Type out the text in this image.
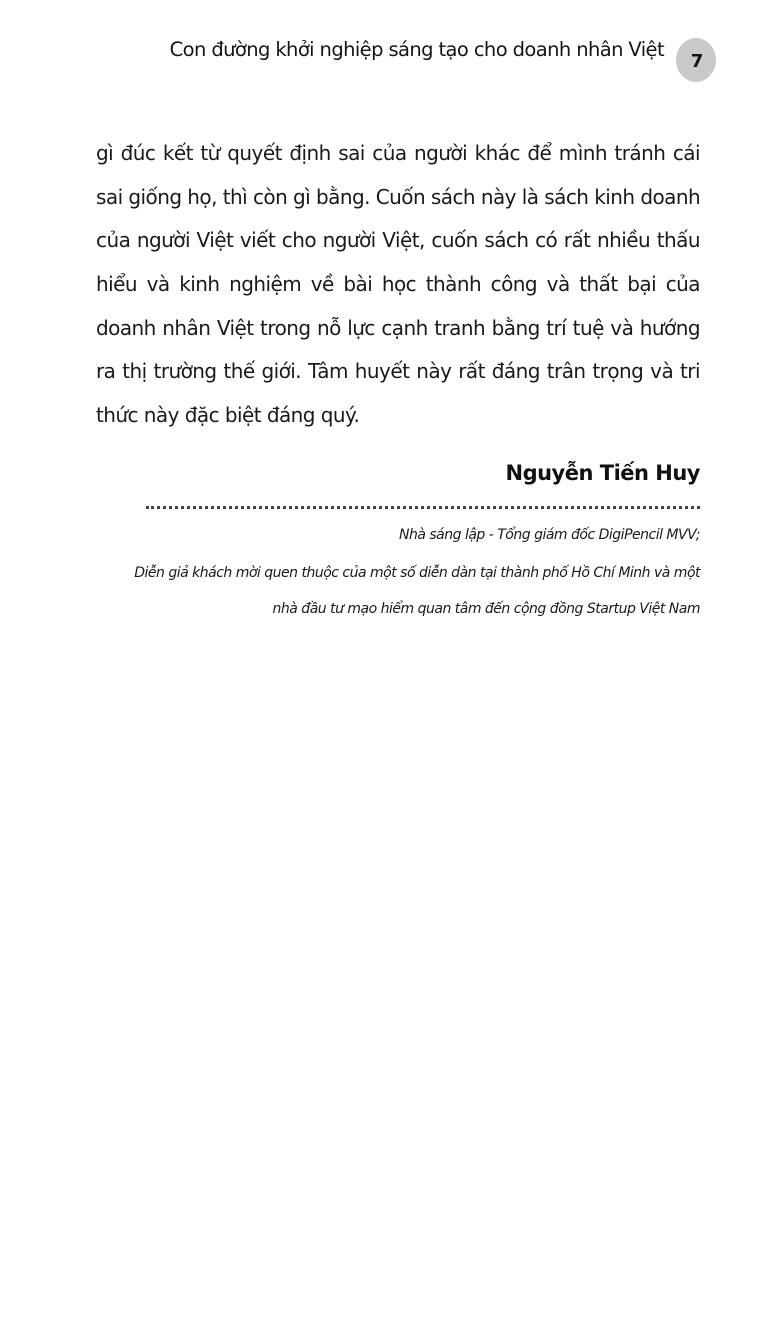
Con đường khởi nghiệp sáng tạo cho doanh nhân Việt 7
gì đúc kết từ quyết định sai của người khác để mình tránh cái
sai giống họ, thì còn gì bằng. Cuốn sách này là sách kinh doanh
của người Việt viết cho người Việt, cuốn sách có rất nhiều thấu
hiểu và kinh nghiệm về bài học thành công và thất bại của
doanh nhân Việt trong nỗ lực cạnh tranh bằng trí tuệ và hướng
ra thị trường thế giới. Tâm huyết này rất đáng trân trọng và tri
thức này đặc biệt đáng quý.
Nguyễn Tiến Huy
Nhà sáng lập - Tổng giám đốc DigiPencil MVV;
Diễn giả khách mời quen thuộc của một số diễn dàn tại thành phố Hồ Chí Minh và một
nhà đầu tư mạo hiểm quan tâm đến cộng đồng Startup Việt Nam
